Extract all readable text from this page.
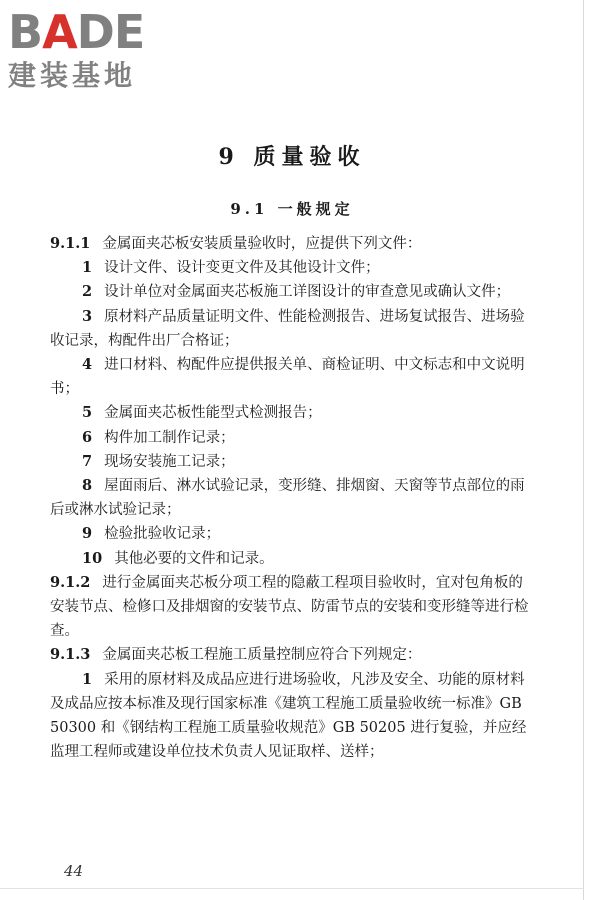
BADE
建装基地
9 质量验收
9.1 一般规定

9.1.1 金属面夹芯板安装质量验收时，应提供下列文件：

1 设计文件、设计变更文件及其他设计文件；

2 设计单位对金属面夹芯板施工详图设计的审查意见或确认文件；

3 原材料产品质量证明文件、性能检测报告、进场复试报告、进场验收记录，构配件出厂合格证；

4 进口材料、构配件应提供报关单、商检证明、中文标志和中文说明书；

5 金属面夹芯板性能型式检测报告；

6 构件加工制作记录；

7 现场安装施工记录；

8 屋面雨后、淋水试验记录，变形缝、排烟窗、天窗等节点部位的雨后或淋水试验记录；

9 检验批验收记录；

10 其他必要的文件和记录。

9.1.2 进行金属面夹芯板分项工程的隐蔽工程项目验收时，宜对包角板的安装节点、检修口及排烟窗的安装节点、防雷节点的安装和变形缝等进行检查。

9.1.3 金属面夹芯板工程施工质量控制应符合下列规定：

1 采用的原材料及成品应进行进场验收，凡涉及安全、功能的原材料及成品应按本标准及现行国家标准《建筑工程施工质量验收统一标准》GB 50300 和《钢结构工程施工质量验收规范》GB 50205 进行复验，并应经监理工程师或建设单位技术负责人见证取样、送样；

44
